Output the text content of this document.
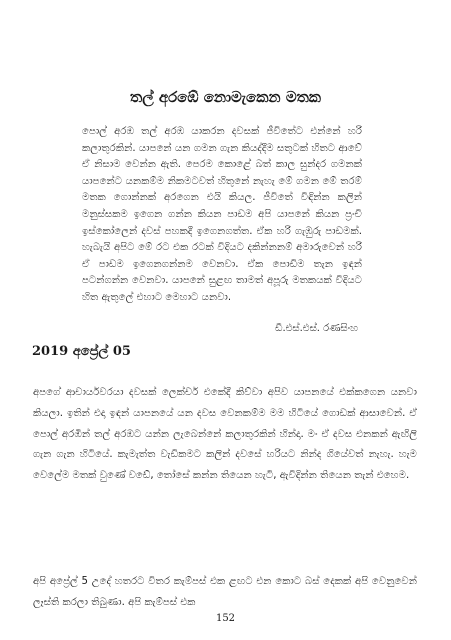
තල් අරඹේ නොමැකෙන මතක

පොල් අරඹ තල් අරඹ යාකරන දවසක් ජීවිතේට එන්නේ හරි කලාතුරකින්. යාපනේ යන ගමන ගැන කියද්දීම සතුටක් හිතට ආවේ ඒ නිසාම වෙන්න ඇති. පෙරම කොළේ බත් කාල සුන්දර ගමනක් යාපනේට යනකම්ම නිකමටවත් හිතුනේ නැහැ මේ ගමන මේ තරම් මතක ගොන්නක් අරගෙන එයි කියල. ජීවිතේ විඳින්න කලින් මනුස්සකම ඉගෙන ගන්න කියන පාඩම අපි යාපනේ කියන ප්‍රංචි ඉස්කෝලෙන් දවස් පහකදී ඉගෙනගත්ත. ඒක හරි ගැඹුරු පාඩමක්. හැබැයි අපිට මේ රට එක රටක් විදියට දකින්නනම් අමාරුවෙන් හරි ඒ පාඩම ඉගෙනගන්නම වෙනවා. ඒක පොඩිම තැන ඉඳන් පටන්ගන්න වෙනවා. යාපනේ සුළඟ තාමත් අපූරු මතකයක් විදියට හිත ඇතුලේ එහාට මෙහාට යනවා.

ඩී.එස්.එස්. රණසිංහ

2019 අප්‍රේල් 05

අපගේ ආචාර්යවරයා දවසක් ලෙක්චර් එකේදී කිව්වා අපිව යාපනයේ එක්කගෙන යනවා කියලා. ඉතින් එදා ඉඳන් යාපනයේ යන දවස වෙනකම්ම මම හිටියේ ගොඩක් ආසාවෙන්. ඒ පොල් අරඹින් තල් අරඹට යන්න ලැබෙන්නේ කලාතුරකින් හින්දා. මං ඒ දවස එනකන් ඇඟිලි ගැන ගැන හිටියේ. කැමැත්ත වැඩිකමට කලින් දවසේ හරියට නින්ද ගියේවත් නැහැ. හැම වෙලේම මතක් වුණේ වඩේ, තෝසේ කන්න තියෙන හැටි, ඇවිදින්න තියෙන තැන් එහෙම.

අපි අප්‍රේල් 5 උදේ හතරට විතර කැම්පස් එක ළඟට එන කොට බස් දෙකක් අපි වෙනුවෙන් ලෑස්ති කරලා තිබුණා. අපි කැම්පස් එක

152
